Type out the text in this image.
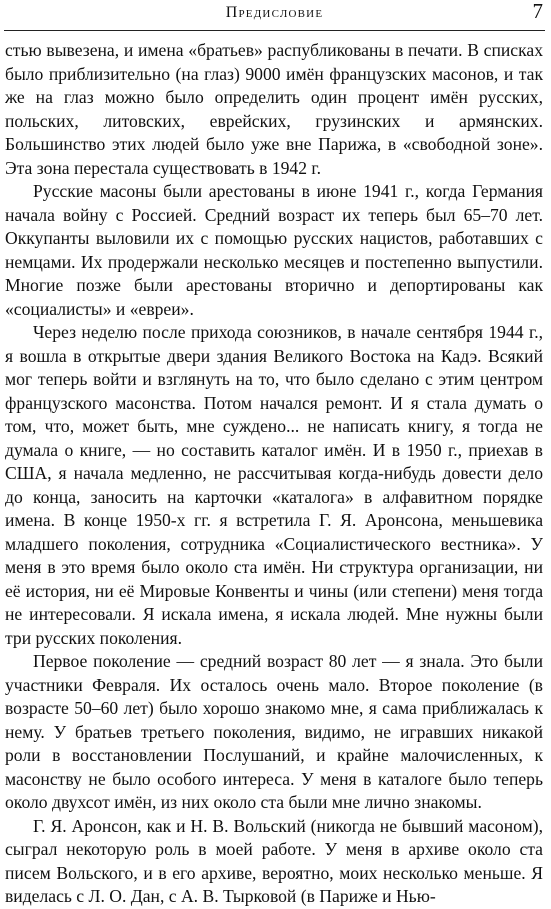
Предисловие	7

стью вывезена, и имена «братьев» распубликованы в печати. В списках было приблизительно (на глаз) 9000 имён французских масонов, и так же на глаз можно было определить один процент имён русских, польских, литовских, еврейских, грузинских и армянских. Большинство этих людей было уже вне Парижа, в «свободной зоне». Эта зона перестала существовать в 1942 г.

Русские масоны были арестованы в июне 1941 г., когда Германия начала войну с Россией. Средний возраст их теперь был 65–70 лет. Оккупанты выловили их с помощью русских нацистов, работавших с немцами. Их продержали несколько месяцев и постепенно выпустили. Многие позже были арестованы вторично и депортированы как «социалисты» и «евреи».

Через неделю после прихода союзников, в начале сентября 1944 г., я вошла в открытые двери здания Великого Востока на Кадэ. Всякий мог теперь войти и взглянуть на то, что было сделано с этим центром французского масонства. Потом начался ремонт. И я стала думать о том, что, может быть, мне суждено... не написать книгу, я тогда не думала о книге, — но составить каталог имён. И в 1950 г., приехав в США, я начала медленно, не рассчитывая когда-нибудь довести дело до конца, заносить на карточки «каталога» в алфавитном порядке имена. В конце 1950-х гг. я встретила Г. Я. Аронсона, меньшевика младшего поколения, сотрудника «Социалистического вестника». У меня в это время было около ста имён. Ни структура организации, ни её история, ни её Мировые Конвенты и чины (или степени) меня тогда не интересовали. Я искала имена, я искала людей. Мне нужны были три русских поколения.

Первое поколение — средний возраст 80 лет — я знала. Это были участники Февраля. Их осталось очень мало. Второе поколение (в возрасте 50–60 лет) было хорошо знакомо мне, я сама приближалась к нему. У братьев третьего поколения, видимо, не игравших никакой роли в восстановлении Послушаний, и крайне малочисленных, к масонству не было особого интереса. У меня в каталоге было теперь около двухсот имён, из них около ста были мне лично знакомы.

Г. Я. Аронсон, как и Н. В. Вольский (никогда не бывший масоном), сыграл некоторую роль в моей работе. У меня в архиве около ста писем Вольского, и в его архиве, вероятно, моих несколько меньше. Я виделась с Л. О. Дан, с А. В. Тырковой (в Париже и Нью-
